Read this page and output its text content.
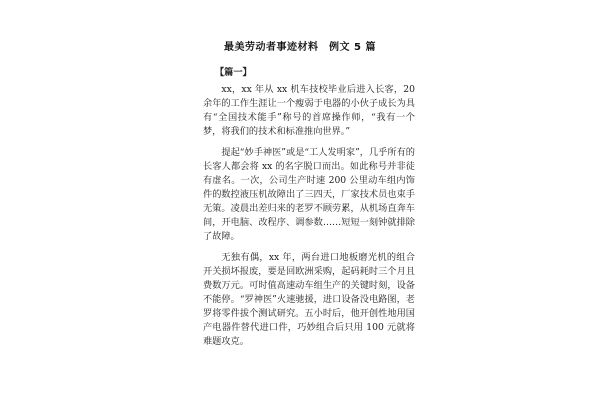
最美劳动者事迹材料　例文 5 篇
【篇一】

xx，xx 年从 xx 机车技校毕业后进入长客，20 余年的工作生涯让一个瘦弱于电器的小伙子成长为具有“全国技术能手”称号的首席操作师，“我有一个梦，将我们的技术和标准推向世界。”

提起“妙手神医”或是“工人发明家”，几乎所有的长客人都会将 xx 的名字脱口而出。如此称号并非徒有虚名。一次，公司生产时速 200 公里动车组内饰件的数控液压机故障出了三四天，厂家技术员也束手无策。凌晨出差归来的老罗不顾劳累，从机场直奔车间，开电脑、改程序、调参数……短短一刻钟就排除了故障。

无独有偶，xx 年，两台进口地板磨光机的组合开关损坏报废，要是回欧洲采购，起码耗时三个月且费数万元。可时值高速动车组生产的关键时刻，设备不能停。“罗神医”火速驰援，进口设备没电路图，老罗将零件拔个测试研究。五小时后，他开创性地用国产电器件替代进口件，巧妙组合后只用 100 元就将难题攻克。
